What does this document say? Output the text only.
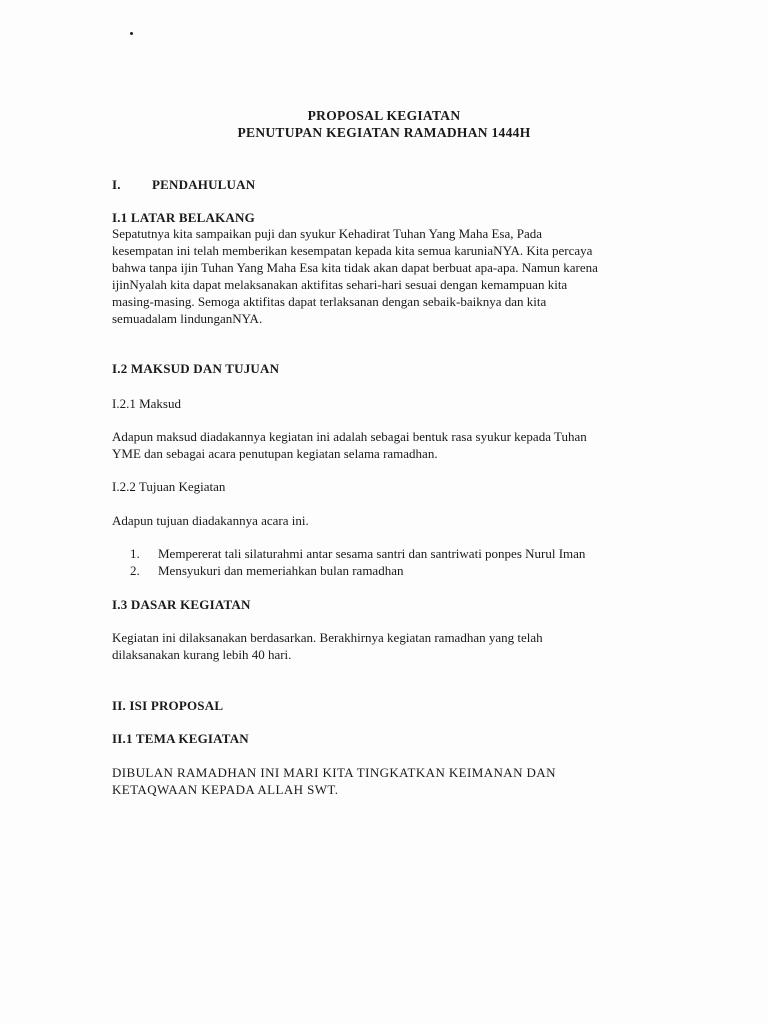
PROPOSAL KEGIATAN
PENUTUPAN KEGIATAN RAMADHAN 1444H
I. PENDAHULUAN
I.1 LATAR BELAKANG
Sepatutnya kita sampaikan puji dan syukur Kehadirat Tuhan Yang Maha Esa, Pada
kesempatan ini telah memberikan kesempatan kepada kita semua karuniaNYA. Kita percaya
bahwa tanpa ijin Tuhan Yang Maha Esa kita tidak akan dapat berbuat apa-apa. Namun karena
ijinNyalah kita dapat melaksanakan aktifitas sehari-hari sesuai dengan kemampuan kita
masing-masing. Semoga aktifitas dapat terlaksanan dengan sebaik-baiknya dan kita
semuadalam lindunganNYA.
I.2 MAKSUD DAN TUJUAN
I.2.1 Maksud
Adapun maksud diadakannya kegiatan ini adalah sebagai bentuk rasa syukur kepada Tuhan
YME dan sebagai acara penutupan kegiatan selama ramadhan.
I.2.2 Tujuan Kegiatan
Adapun tujuan diadakannya acara ini.
1. Mempererat tali silaturahmi antar sesama santri dan santriwati ponpes Nurul Iman
2. Mensyukuri dan memeriahkan bulan ramadhan
I.3 DASAR KEGIATAN
Kegiatan ini dilaksanakan berdasarkan. Berakhirnya kegiatan ramadhan yang telah
dilaksanakan kurang lebih 40 hari.
II. ISI PROPOSAL
II.1 TEMA KEGIATAN
DIBULAN RAMADHAN INI MARI KITA TINGKATKAN KEIMANAN DAN
KETAQWAAN KEPADA ALLAH SWT.
